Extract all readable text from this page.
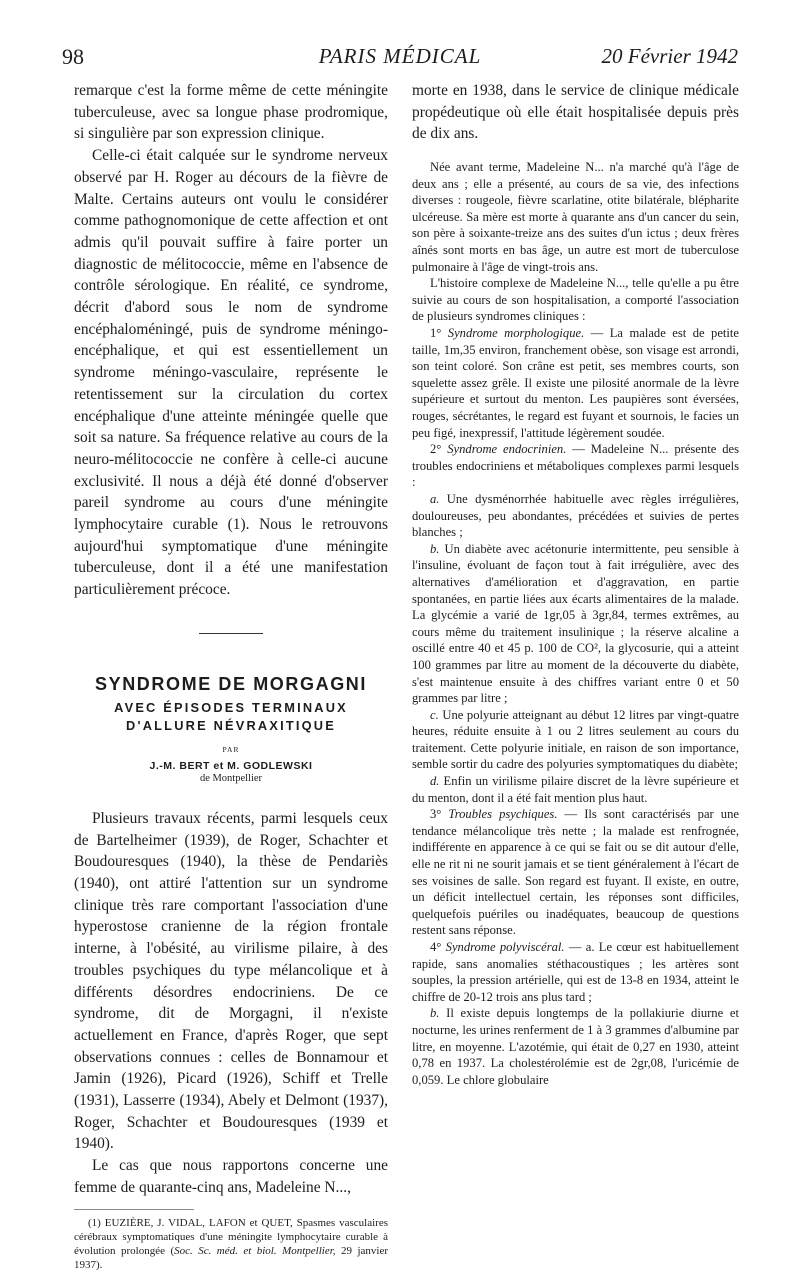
98	PARIS MÉDICAL	20 Février 1942

remarque c'est la forme même de cette méningite tuberculeuse, avec sa longue phase prodromique, si singulière par son expression clinique.

Celle-ci était calquée sur le syndrome nerveux observé par H. Roger au décours de la fièvre de Malte. Certains auteurs ont voulu le considérer comme pathognomonique de cette affection et ont admis qu'il pouvait suffire à faire porter un diagnostic de mélitococcie, même en l'absence de contrôle sérologique. En réalité, ce syndrome, décrit d'abord sous le nom de syndrome encéphaloméningé, puis de syndrome méningo-encéphalique, et qui est essentiellement un syndrome méningo-vasculaire, représente le retentissement sur la circulation du cortex encéphalique d'une atteinte méningée quelle que soit sa nature. Sa fréquence relative au cours de la neuro-mélitococcie ne confère à celle-ci aucune exclusivité. Il nous a déjà été donné d'observer pareil syndrome au cours d'une méningite lymphocytaire curable (1). Nous le retrouvons aujourd'hui symptomatique d'une méningite tuberculeuse, dont il a été une manifestation particulièrement précoce.

SYNDROME DE MORGAGNI

AVEC ÉPISODES TERMINAUX

D'ALLURE NÉVRAXITIQUE

PAR

J.-M. BERT et M. GODLEWSKI

de Montpellier

Plusieurs travaux récents, parmi lesquels ceux de Bartelheimer (1939), de Roger, Schachter et Boudouresques (1940), la thèse de Pendariès (1940), ont attiré l'attention sur un syndrome clinique très rare comportant l'association d'une hyperostose cranienne de la région frontale interne, à l'obésité, au virilisme pilaire, à des troubles psychiques du type mélancolique et à différents désordres endocriniens. De ce syndrome, dit de Morgagni, il n'existe actuellement en France, d'après Roger, que sept observations connues : celles de Bonnamour et Jamin (1926), Picard (1926), Schiff et Trelle (1931), Lasserre (1934), Abely et Delmont (1937), Roger, Schachter et Boudouresques (1939 et 1940).

Le cas que nous rapportons concerne une femme de quarante-cinq ans, Madeleine N...,

(1) EUZIÈRE, J. VIDAL, LAFON et QUET, Spasmes vasculaires cérébraux symptomatiques d'une méningite lymphocytaire curable à évolution prolongée (Soc. Sc. méd. et biol. Montpellier, 29 janvier 1937).

morte en 1938, dans le service de clinique médicale propédeutique où elle était hospitalisée depuis près de dix ans.

Née avant terme, Madeleine N... n'a marché qu'à l'âge de deux ans ; elle a présenté, au cours de sa vie, des infections diverses : rougeole, fièvre scarlatine, otite bilatérale, blépharite ulcéreuse. Sa mère est morte à quarante ans d'un cancer du sein, son père à soixante-treize ans des suites d'un ictus ; deux frères aînés sont morts en bas âge, un autre est mort de tuberculose pulmonaire à l'âge de vingt-trois ans.

L'histoire complexe de Madeleine N..., telle qu'elle a pu être suivie au cours de son hospitalisation, a comporté l'association de plusieurs syndromes cliniques :

1° Syndrome morphologique. — La malade est de petite taille, 1m,35 environ, franchement obèse, son visage est arrondi, son teint coloré. Son crâne est petit, ses membres courts, son squelette assez grêle. Il existe une pilosité anormale de la lèvre supérieure et surtout du menton. Les paupières sont éversées, rouges, sécrétantes, le regard est fuyant et sournois, le facies un peu figé, inexpressif, l'attitude légèrement soudée.

2° Syndrome endocrinien. — Madeleine N... présente des troubles endocriniens et métaboliques complexes parmi lesquels :

a. Une dysménorrhée habituelle avec règles irrégulières, douloureuses, peu abondantes, précédées et suivies de pertes blanches ;

b. Un diabète avec acétonurie intermittente, peu sensible à l'insuline, évoluant de façon tout à fait irrégulière, avec des alternatives d'amélioration et d'aggravation, en partie spontanées, en partie liées aux écarts alimentaires de la malade. La glycémie a varié de 1gr,05 à 3gr,84, termes extrêmes, au cours même du traitement insulinique ; la réserve alcaline a oscillé entre 40 et 45 p. 100 de CO², la glycosurie, qui a atteint 100 grammes par litre au moment de la découverte du diabète, s'est maintenue ensuite à des chiffres variant entre 0 et 50 grammes par litre ;

c. Une polyurie atteignant au début 12 litres par vingt-quatre heures, réduite ensuite à 1 ou 2 litres seulement au cours du traitement. Cette polyurie initiale, en raison de son importance, semble sortir du cadre des polyuries symptomatiques du diabète;

d. Enfin un virilisme pilaire discret de la lèvre supérieure et du menton, dont il a été fait mention plus haut.

3° Troubles psychiques. — Ils sont caractérisés par une tendance mélancolique très nette ; la malade est renfrognée, indifférente en apparence à ce qui se fait ou se dit autour d'elle, elle ne rit ni ne sourit jamais et se tient généralement à l'écart de ses voisines de salle. Son regard est fuyant. Il existe, en outre, un déficit intellectuel certain, les réponses sont difficiles, quelquefois puériles ou inadéquates, beaucoup de questions restent sans réponse.

4° Syndrome polyviscéral. — a. Le cœur est habituellement rapide, sans anomalies stéthacoustiques ; les artères sont souples, la pression artérielle, qui est de 13-8 en 1934, atteint le chiffre de 20-12 trois ans plus tard ;

b. Il existe depuis longtemps de la pollakiurie diurne et nocturne, les urines renferment de 1 à 3 grammes d'albumine par litre, en moyenne. L'azotémie, qui était de 0,27 en 1930, atteint 0,78 en 1937. La cholestérolémie est de 2gr,08, l'uricémie de 0,059. Le chlore globulaire
